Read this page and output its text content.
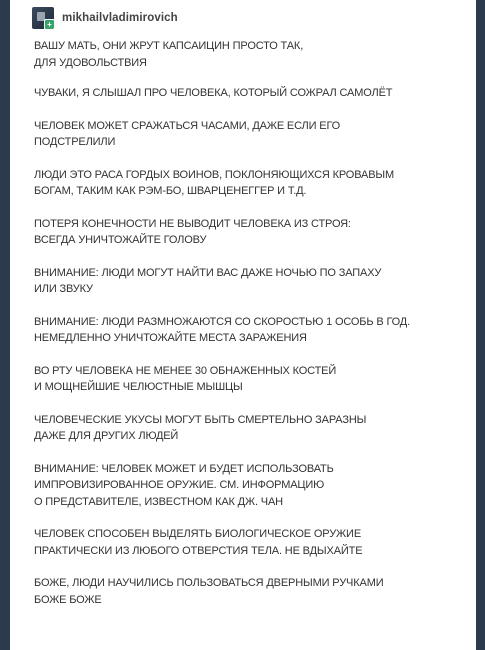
+ mikhailvladimirovich

ВАШУ МАТЬ, ОНИ ЖРУТ КАПСАИЦИН ПРОСТО ТАК,
ДЛЯ УДОВОЛЬСТВИЯ

ЧУВАКИ, Я СЛЫШАЛ ПРО ЧЕЛОВЕКА, КОТОРЫЙ СОЖРАЛ САМОЛЁТ

ЧЕЛОВЕК МОЖЕТ СРАЖАТЬСЯ ЧАСАМИ, ДАЖЕ ЕСЛИ ЕГО
ПОДСТРЕЛИЛИ

ЛЮДИ ЭТО РАСА ГОРДЫХ ВОИНОВ, ПОКЛОНЯЮЩИХСЯ КРОВАВЫМ
БОГАМ, ТАКИМ КАК РЭМ-БО, ШВАРЦЕНЕГГЕР И Т.Д.

ПОТЕРЯ КОНЕЧНОСТИ НЕ ВЫВОДИТ ЧЕЛОВЕКА ИЗ СТРОЯ:
ВСЕГДА УНИЧТОЖАЙТЕ ГОЛОВУ

ВНИМАНИЕ: ЛЮДИ МОГУТ НАЙТИ ВАС ДАЖЕ НОЧЬЮ ПО ЗАПАХУ
ИЛИ ЗВУКУ

ВНИМАНИЕ: ЛЮДИ РАЗМНОЖАЮТСЯ СО СКОРОСТЬЮ 1 ОСОБЬ В ГОД.
НЕМЕДЛЕННО УНИЧТОЖАЙТЕ МЕСТА ЗАРАЖЕНИЯ

ВО РТУ ЧЕЛОВЕКА НЕ МЕНЕЕ 30 ОБНАЖЕННЫХ КОСТЕЙ
И МОЩНЕЙШИЕ ЧЕЛЮСТНЫЕ МЫШЦЫ

ЧЕЛОВЕЧЕСКИЕ УКУСЫ МОГУТ БЫТЬ СМЕРТЕЛЬНО ЗАРАЗНЫ
ДАЖЕ ДЛЯ ДРУГИХ ЛЮДЕЙ

ВНИМАНИЕ: ЧЕЛОВЕК МОЖЕТ И БУДЕТ ИСПОЛЬЗОВАТЬ
ИМПРОВИЗИРОВАННОЕ ОРУЖИЕ. СМ. ИНФОРМАЦИЮ
О ПРЕДСТАВИТЕЛЕ, ИЗВЕСТНОМ КАК ДЖ. ЧАН

ЧЕЛОВЕК СПОСОБЕН ВЫДЕЛЯТЬ БИОЛОГИЧЕСКОЕ ОРУЖИЕ
ПРАКТИЧЕСКИ ИЗ ЛЮБОГО ОТВЕРСТИЯ ТЕЛА. НЕ ВДЫХАЙТЕ

БОЖЕ, ЛЮДИ НАУЧИЛИСЬ ПОЛЬЗОВАТЬСЯ ДВЕРНЫМИ РУЧКАМИ
БОЖЕ БОЖЕ
